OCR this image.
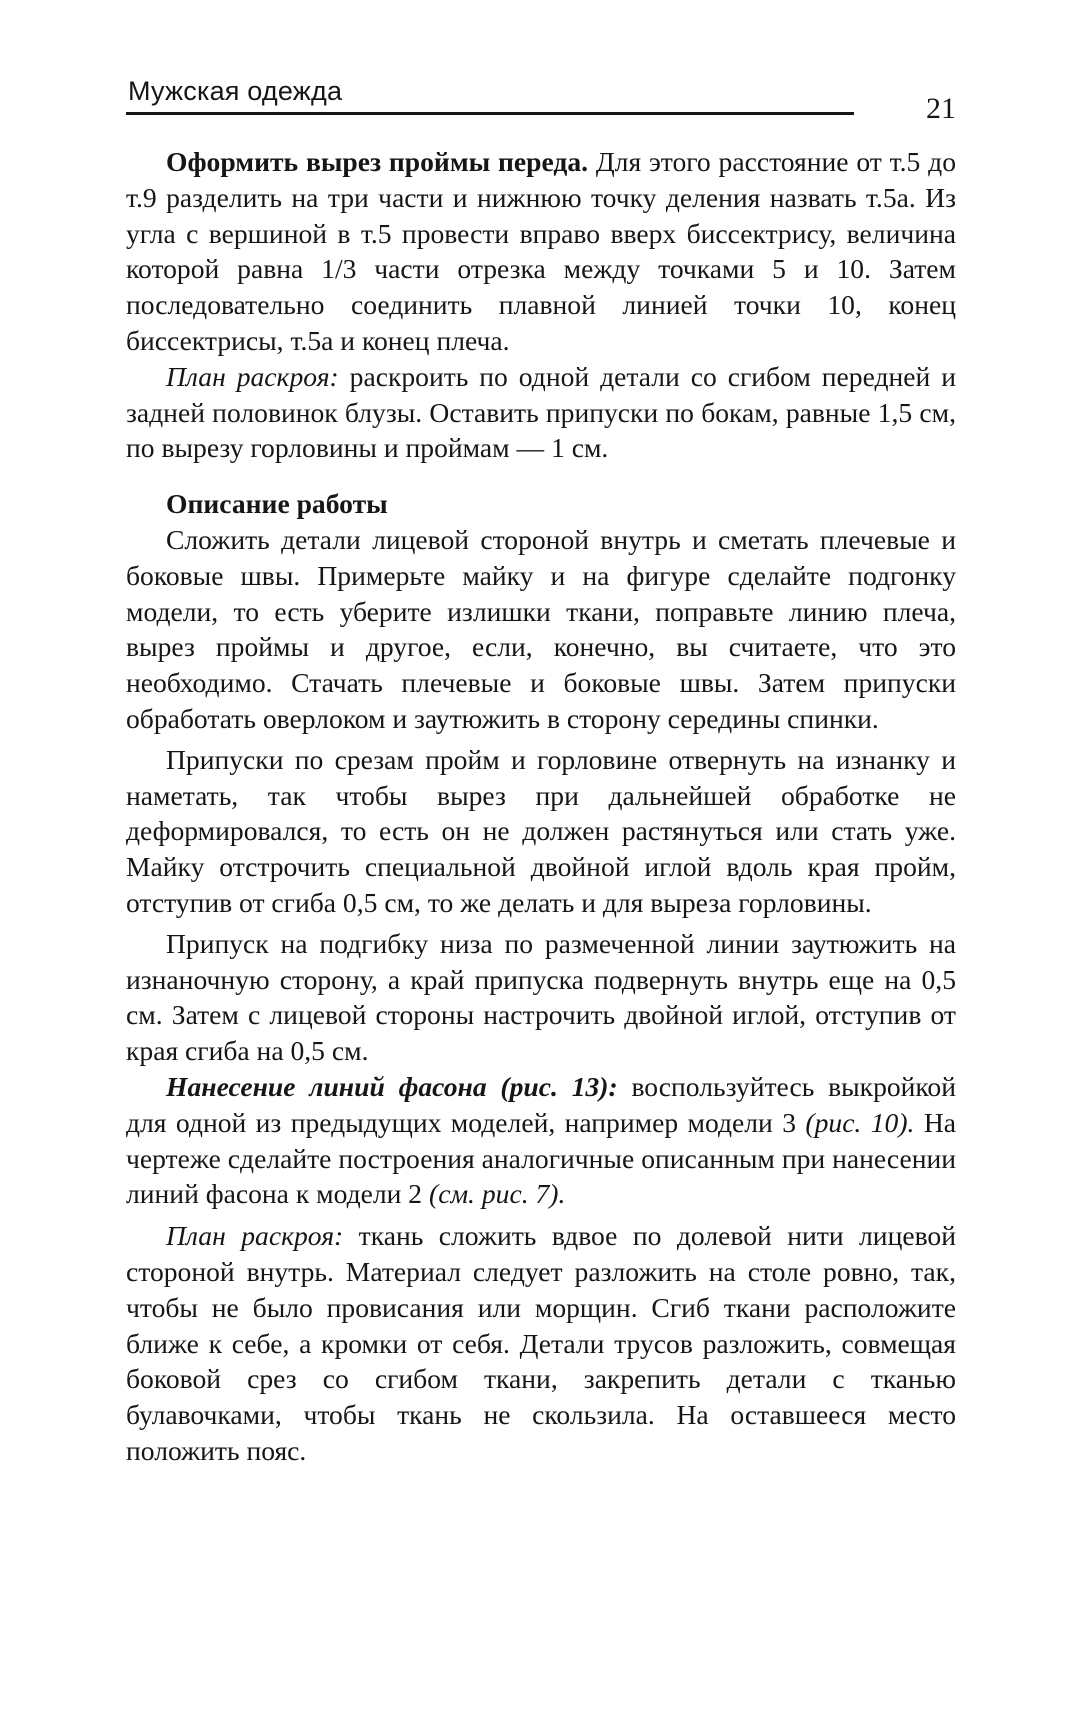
Мужская одежда
21

Оформить вырез проймы переда. Для этого расстояние от т.5 до т.9 разделить на три части и нижнюю точку деления назвать т.5а. Из угла с вершиной в т.5 провести вправо вверх биссектрису, величина которой равна 1/3 части отрезка между точками 5 и 10. Затем последовательно соединить плавной линией точки 10, конец биссектрисы, т.5а и конец плеча.

План раскроя: раскроить по одной детали со сгибом передней и задней половинок блузы. Оставить припуски по бокам, равные 1,5 см, по вырезу горловины и проймам — 1 см.

Описание работы

Сложить детали лицевой стороной внутрь и сметать плечевые и боковые швы. Примерьте майку и на фигуре сделайте подгонку модели, то есть уберите излишки ткани, поправьте линию плеча, вырез проймы и другое, если, конечно, вы считаете, что это необходимо. Стачать плечевые и боковые швы. Затем припуски обработать оверлоком и заутюжить в сторону середины спинки.

Припуски по срезам пройм и горловине отвернуть на изнанку и наметать, так чтобы вырез при дальнейшей обработке не деформировался, то есть он не должен растянуться или стать уже. Майку отстрочить специальной двойной иглой вдоль края пройм, отступив от сгиба 0,5 см, то же делать и для выреза горловины.

Припуск на подгибку низа по размеченной линии заутюжить на изнаночную сторону, а край припуска подвернуть внутрь еще на 0,5 см. Затем с лицевой стороны настрочить двойной иглой, отступив от края сгиба на 0,5 см.

Нанесение линий фасона (рис. 13): воспользуйтесь выкройкой для одной из предыдущих моделей, например модели 3 (рис. 10). На чертеже сделайте построения аналогичные описанным при нанесении линий фасона к модели 2 (см. рис. 7).

План раскроя: ткань сложить вдвое по долевой нити лицевой стороной внутрь. Материал следует разложить на столе ровно, так, чтобы не было провисания или морщин. Сгиб ткани расположите ближе к себе, а кромки от себя. Детали трусов разложить, совмещая боковой срез со сгибом ткани, закрепить детали с тканью булавочками, чтобы ткань не скользила. На оставшееся место положить пояс.
